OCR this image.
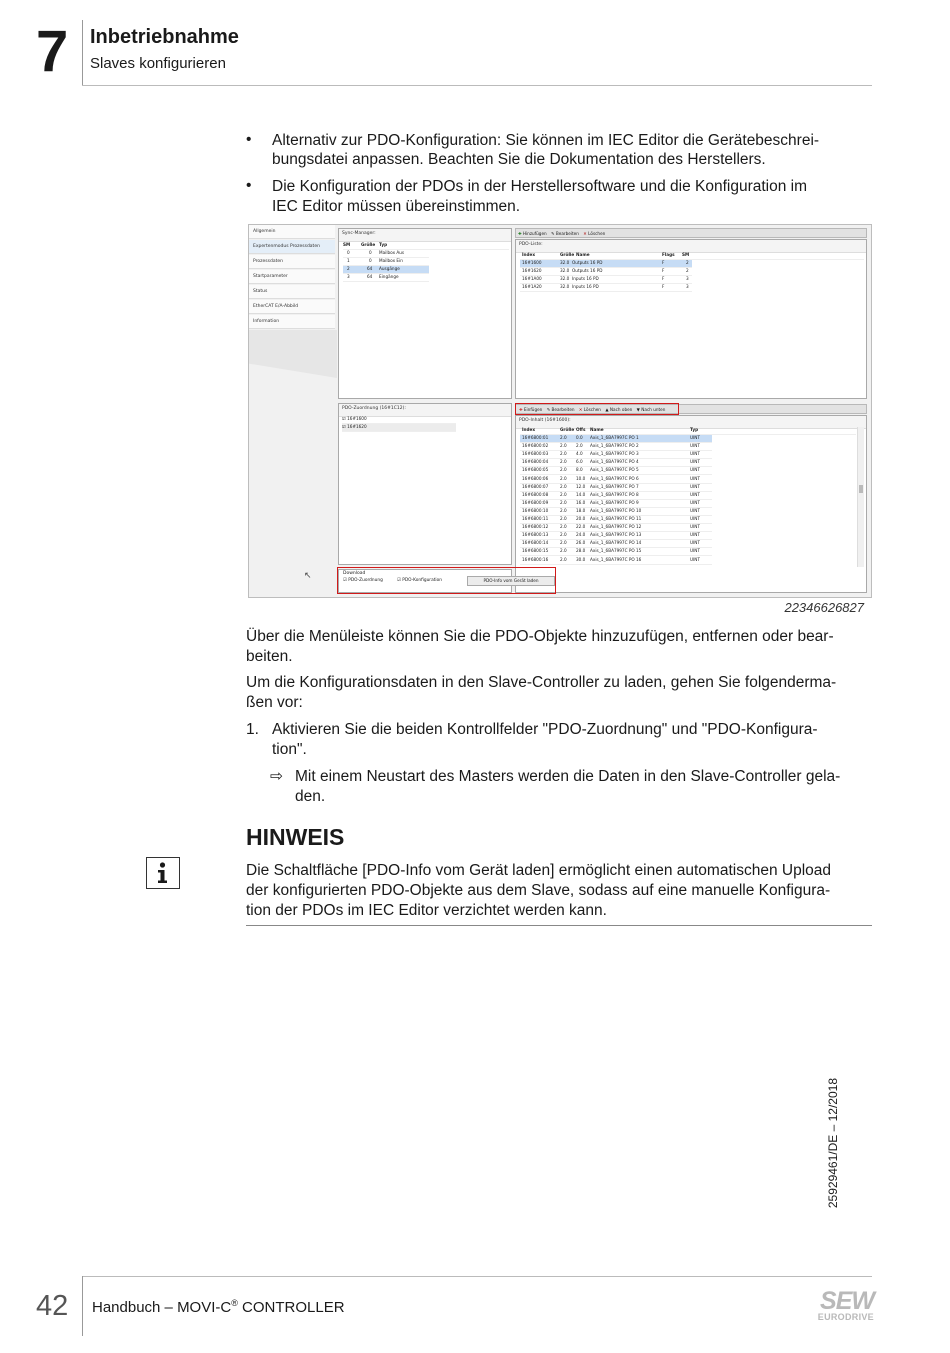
7 Inbetriebnahme
Slaves konfigurieren
• Alternativ zur PDO-Konfiguration: Sie können im IEC Editor die Gerätebeschrei-
bungsdatei anpassen. Beachten Sie die Dokumentation des Herstellers.
• Die Konfiguration der PDOs in der Herstellersoftware und die Konfiguration im
IEC Editor müssen übereinstimmen.
Allgemein
Expertenmodus Prozessdaten
Prozessdaten
Startparameter
Status
EtherCAT E/A-Abbild
Information
Sync-Manager:
SM	Größe Typ
0	0 Mailbox Aus
1	0 Mailbox Ein
2	64 Ausgänge
3	64 Eingänge
✚ Hinzufügen ✎ Bearbeiten ✕ Löschen
PDO-Liste:
Index	Größe Name	Flags SM
16#1600	32.0 Outputs 16 PD	F	2
16#1620	32.0 Outputs 16 PD	F	2
16#1A00	32.0 Inputs 16 PD	F	3
16#1A20	32.0 Inputs 16 PD	F	3
PDO-Zuordnung (16#1C12):
☑ 16#1600
☑ 16#1620
✚ Einfügen ✎ Bearbeiten ✕ Löschen ▲ Nach oben ▼ Nach unten
PDO-Inhalt (16#1600):
Index	Größe Offs Name	Typ
16#6800:01	2.0 0.0 Axis_1_6BA7997C PO 1	UINT
16#6800:02	2.0 2.0 Axis_1_6BA7997C PO 2	UINT
16#6800:03	2.0 4.0 Axis_1_6BA7997C PO 3	UINT
16#6800:04	2.0 6.0 Axis_1_6BA7997C PO 4	UINT
16#6800:05	2.0 8.0 Axis_1_6BA7997C PO 5	UINT
16#6800:06	2.0 10.0 Axis_1_6BA7997C PO 6	UINT
16#6800:07	2.0 12.0 Axis_1_6BA7997C PO 7	UINT
16#6800:08	2.0 14.0 Axis_1_6BA7997C PO 8	UINT
16#6800:09	2.0 16.0 Axis_1_6BA7997C PO 9	UINT
16#6800:10	2.0 18.0 Axis_1_6BA7997C PO 10	UINT
16#6800:11	2.0 20.0 Axis_1_6BA7997C PO 11	UINT
16#6800:12	2.0 22.0 Axis_1_6BA7997C PO 12	UINT
16#6800:13	2.0 24.0 Axis_1_6BA7997C PO 13	UINT
16#6800:14	2.0 26.0 Axis_1_6BA7997C PO 14	UINT
16#6800:15	2.0 28.0 Axis_1_6BA7997C PO 15	UINT
16#6800:16	2.0 30.0 Axis_1_6BA7997C PO 16	UINT
Download
☑ PDO-Zuordnung	☑ PDO-Konfiguration	PDO-Info vom Gerät laden
↖
22346626827
Über die Menüleiste können Sie die PDO-Objekte hinzuzufügen, entfernen oder bear-
beiten.
Um die Konfigurationsdaten in den Slave-Controller zu laden, gehen Sie folgenderma-
ßen vor:
1. Aktivieren Sie die beiden Kontrollfelder "PDO-Zuordnung" und "PDO-Konfigura-
tion".
⇨ Mit einem Neustart des Masters werden die Daten in den Slave-Controller gela-
den.
HINWEIS
Die Schaltfläche [PDO-Info vom Gerät laden] ermöglicht einen automatischen Upload
der konfigurierten PDO-Objekte aus dem Slave, sodass auf eine manuelle Konfigura-
tion der PDOs im IEC Editor verzichtet werden kann.
25929461/DE – 12/2018
42 Handbuch – MOVI-C® CONTROLLER	SEW
EURODRIVE
